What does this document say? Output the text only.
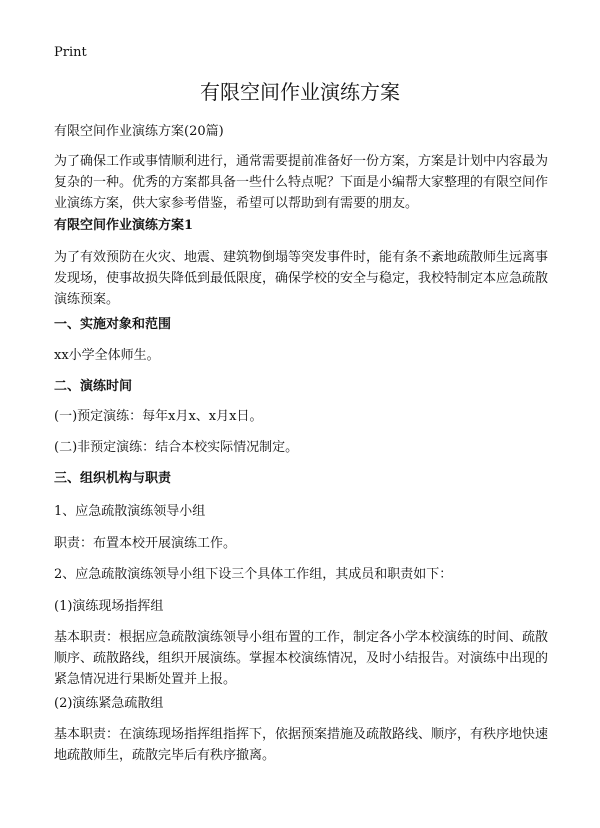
Print
有限空间作业演练方案

有限空间作业演练方案(20篇)

为了确保工作或事情顺利进行，通常需要提前准备好一份方案，方案是计划中内容最为复杂的一种。优秀的方案都具备一些什么特点呢？下面是小编帮大家整理的有限空间作业演练方案，供大家参考借鉴，希望可以帮助到有需要的朋友。

有限空间作业演练方案1

为了有效预防在火灾、地震、建筑物倒塌等突发事件时，能有条不紊地疏散师生远离事发现场，使事故损失降低到最低限度，确保学校的安全与稳定，我校特制定本应急疏散演练预案。

一、实施对象和范围

xx小学全体师生。

二、演练时间

(一)预定演练：每年x月x、x月x日。

(二)非预定演练：结合本校实际情况制定。

三、组织机构与职责

1、应急疏散演练领导小组

职责：布置本校开展演练工作。

2、应急疏散演练领导小组下设三个具体工作组，其成员和职责如下：

(1)演练现场指挥组

基本职责：根据应急疏散演练领导小组布置的工作，制定各小学本校演练的时间、疏散顺序、疏散路线，组织开展演练。掌握本校演练情况，及时小结报告。对演练中出现的紧急情况进行果断处置并上报。

(2)演练紧急疏散组

基本职责：在演练现场指挥组指挥下，依据预案措施及疏散路线、顺序，有秩序地快速地疏散师生，疏散完毕后有秩序撤离。
